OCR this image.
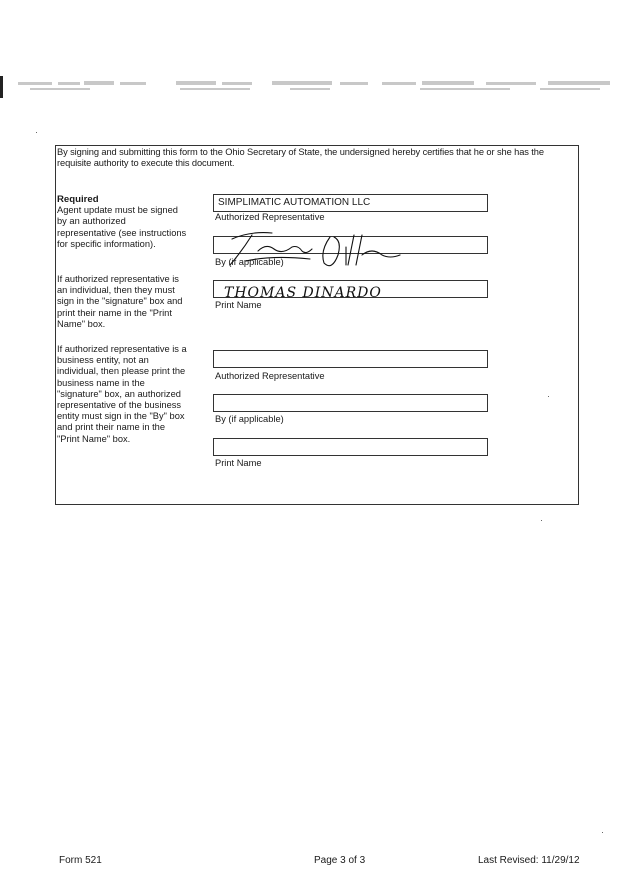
By signing and submitting this form to the Ohio Secretary of State, the undersigned hereby certifies that he or she has the requisite authority to execute this document.
Required
Agent update must be signed by an authorized representative (see instructions for specific information).
If authorized representative is an individual, then they must sign in the "signature" box and print their name in the "Print Name" box.
If authorized representative is a business entity, not an individual, then please print the business name in the "signature" box, an authorized representative of the business entity must sign in the "By" box and print their name in the "Print Name" box.
SIMPLIMATIC AUTOMATION LLC
Authorized Representative
By (if applicable)
THOMAS DINARDO
Print Name
Authorized Representative
By (if applicable)
Print Name
Form 521	Page 3 of 3	Last Revised: 11/29/12
